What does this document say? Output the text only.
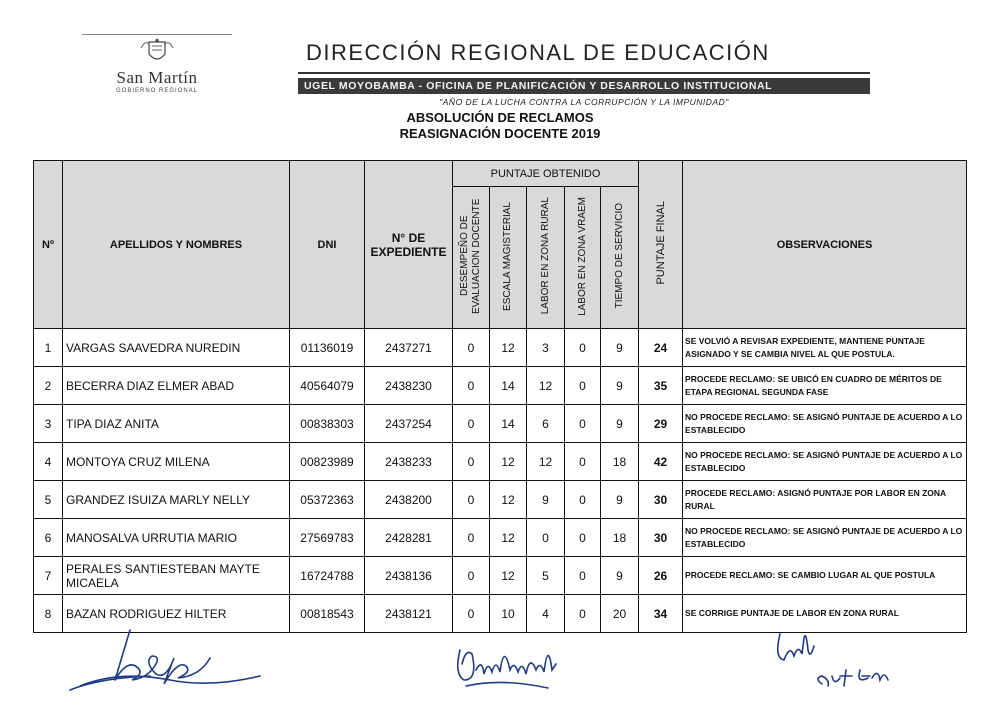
San Martín
GOBIERNO REGIONAL
DIRECCIÓN REGIONAL DE EDUCACIÓN
UGEL MOYOBAMBA - OFICINA DE PLANIFICACIÓN Y DESARROLLO INSTITUCIONAL
"AÑO DE LA LUCHA CONTRA LA CORRUPCIÓN Y LA IMPUNIDAD"
ABSOLUCIÓN DE RECLAMOS
REASIGNACIÓN DOCENTE 2019
Nº	APELLIDOS Y NOMBRES	DNI	N° DE EXPEDIENTE	PUNTAJE OBTENIDO					PUNTAJE FINAL	OBSERVACIONES
				DESEMPEÑO DE EVALUACION DOCENTE	ESCALA MAGISTERIAL	LABOR EN ZONA RURAL	LABOR EN ZONA VRAEM	TIEMPO DE SERVICIO		
1	VARGAS SAAVEDRA NUREDIN	01136019	2437271	0	12	3	0	9	24	SE VOLVIÓ A REVISAR EXPEDIENTE, MANTIENE PUNTAJE ASIGNADO Y SE CAMBIA NIVEL AL QUE POSTULA.
2	BECERRA DIAZ ELMER ABAD	40564079	2438230	0	14	12	0	9	35	PROCEDE RECLAMO: SE UBICÓ EN CUADRO DE MÉRITOS DE ETAPA REGIONAL SEGUNDA FASE
3	TIPA DIAZ ANITA	00838303	2437254	0	14	6	0	9	29	NO PROCEDE RECLAMO: SE ASIGNÓ PUNTAJE DE ACUERDO A LO ESTABLECIDO
4	MONTOYA CRUZ MILENA	00823989	2438233	0	12	12	0	18	42	NO PROCEDE RECLAMO: SE ASIGNÓ PUNTAJE DE ACUERDO A LO ESTABLECIDO
5	GRANDEZ ISUIZA MARLY NELLY	05372363	2438200	0	12	9	0	9	30	PROCEDE RECLAMO: ASIGNÓ PUNTAJE POR LABOR EN ZONA RURAL
6	MANOSALVA URRUTIA MARIO	27569783	2428281	0	12	0	0	18	30	NO PROCEDE RECLAMO: SE ASIGNÓ PUNTAJE DE ACUERDO A LO ESTABLECIDO
7	PERALES SANTIESTEBAN MAYTE MICAELA	16724788	2438136	0	12	5	0	9	26	PROCEDE RECLAMO: SE CAMBIO LUGAR AL QUE POSTULA
8	BAZAN RODRIGUEZ HILTER	00818543	2438121	0	10	4	0	20	34	SE CORRIGE PUNTAJE DE LABOR EN ZONA RURAL
